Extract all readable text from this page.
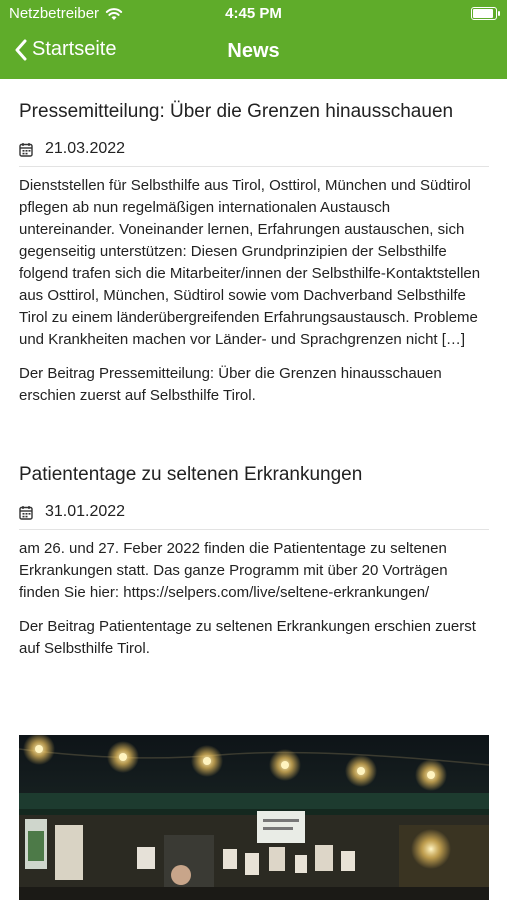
Netzbetreiber	4:45 PM
Startseite	News
Pressemitteilung: Über die Grenzen hinausschauen
21.03.2022

Dienststellen für Selbsthilfe aus Tirol, Osttirol, München und Südtirol pflegen ab nun regelmäßigen internationalen Austausch untereinander. Voneinander lernen, Erfahrungen austauschen, sich gegenseitig unterstützen: Diesen Grundprinzipien der Selbsthilfe folgend trafen sich die Mitarbeiter/innen der Selbsthilfe-Kontaktstellen aus Osttirol, München, Südtirol sowie vom Dachverband Selbsthilfe Tirol zu einem länderübergreifenden Erfahrungsaustausch. Probleme und Krankheiten machen vor Länder- und Sprachgrenzen nicht […]

Der Beitrag Pressemitteilung: Über die Grenzen hinausschauen erschien zuerst auf Selbsthilfe Tirol.

Patiententage zu seltenen Erkrankungen
31.01.2022

am 26. und 27. Feber 2022 finden die Patiententage zu seltenen Erkrankungen statt. Das ganze Programm mit über 20 Vorträgen finden Sie hier: https://selpers.com/live/seltene-erkrankungen/

Der Beitrag Patiententage zu seltenen Erkrankungen erschien zuerst auf Selbsthilfe Tirol.
